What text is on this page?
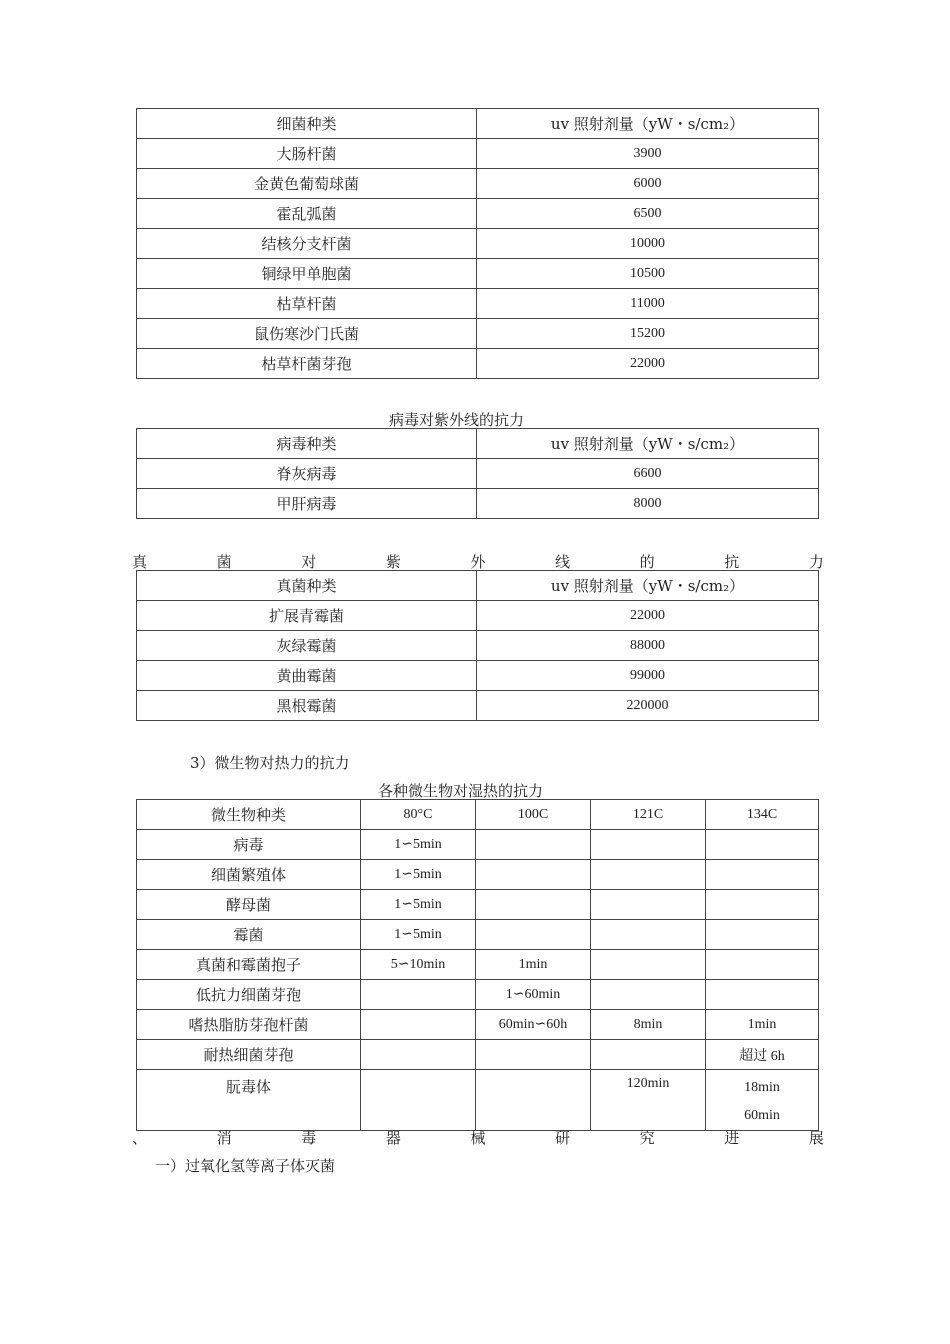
细菌种类	uv 照射剂量（yW・s/cm₂）
大肠杆菌	3900
金黄色葡萄球菌	6000
霍乱弧菌	6500
结核分支杆菌	10000
铜绿甲单胞菌	10500
枯草杆菌	11000
鼠伤寒沙门氏菌	15200
枯草杆菌芽孢	22000
病毒对紫外线的抗力
病毒种类	uv 照射剂量（yW・s/cm₂）
脊灰病毒	6600
甲肝病毒	8000
真	菌	对	紫	外	线	的	抗	力
真菌种类	uv 照射剂量（yW・s/cm₂）
扩展青霉菌	22000
灰绿霉菌	88000
黄曲霉菌	99000
黑根霉菌	220000
3）微生物对热力的抗力
各种微生物对湿热的抗力
微生物种类	80°C	100C	121C	134C
病毒	1∽5min			
细菌繁殖体	1∽5min			
酵母菌	1∽5min			
霉菌	1∽5min			
真菌和霉菌抱子	5∽10min	1min		
低抗力细菌芽孢		1∽60min		
嗜热脂肪芽孢杆菌		60min∽60h	8min	1min
耐热细菌芽孢				超过 6h
朊毒体			120min	18min
60min
、	消	毒	器	械	研	究	进	展
一）过氧化氢等离子体灭菌
